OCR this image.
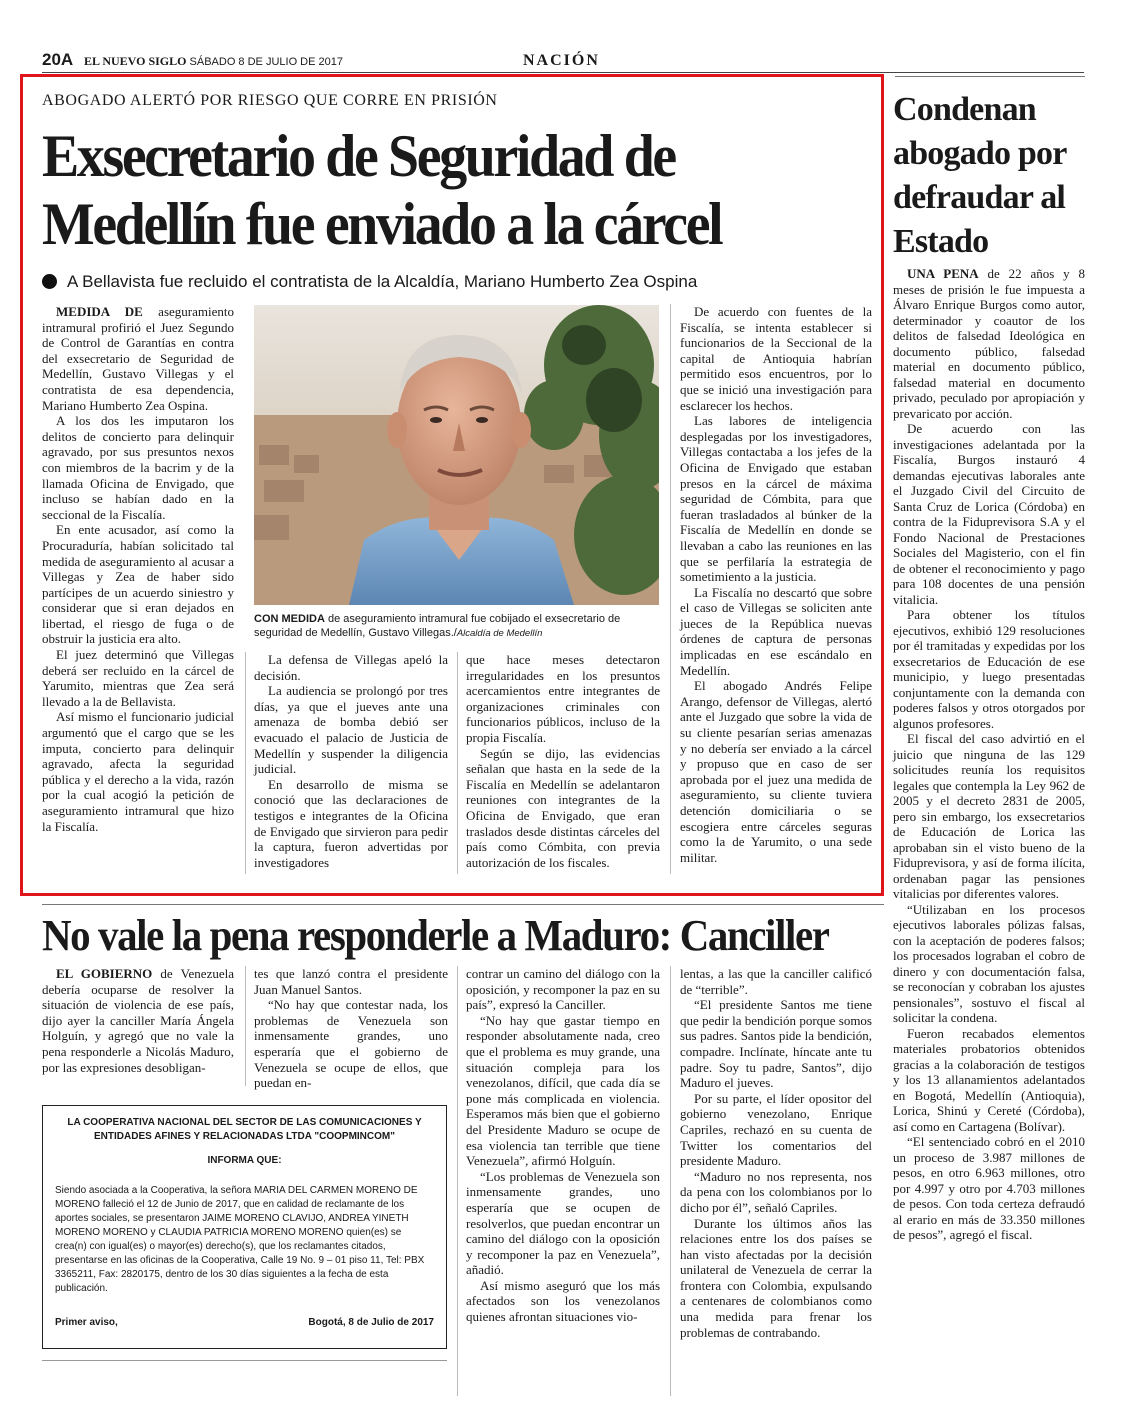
20A EL NUEVO SIGLO SÁBADO 8 DE JULIO DE 2017	NACIÓN
ABOGADO ALERTÓ POR RIESGO QUE CORRE EN PRISIÓN
Exsecretario de Seguridad de Medellín fue enviado a la cárcel
A Bellavista fue recluido el contratista de la Alcaldía, Mariano Humberto Zea Ospina

MEDIDA DE aseguramiento intramural profirió el Juez Segundo de Control de Garantías en contra del exsecretario de Seguridad de Medellín, Gustavo Villegas y el contratista de esa dependencia, Mariano Humberto Zea Ospina.

A los dos les imputaron los delitos de concierto para delinquir agravado, por sus presuntos nexos con miembros de la bacrim y de la llamada Oficina de Envigado, que incluso se habían dado en la seccional de la Fiscalía.

En ente acusador, así como la Procuraduría, habían solicitado tal medida de aseguramiento al acusar a Villegas y Zea de haber sido partícipes de un acuerdo siniestro y considerar que si eran dejados en libertad, el riesgo de fuga o de obstruir la justicia era alto.

El juez determinó que Villegas deberá ser recluido en la cárcel de Yarumito, mientras que Zea será llevado a la de Bellavista.

Así mismo el funcionario judicial argumentó que el cargo que se les imputa, concierto para delinquir agravado, afecta la seguridad pública y el derecho a la vida, razón por la cual acogió la petición de aseguramiento intramural que hizo la Fiscalía.

CON MEDIDA de aseguramiento intramural fue cobijado el exsecretario de seguridad de Medellín, Gustavo Villegas./Alcaldía de Medellín

La defensa de Villegas apeló la decisión.

La audiencia se prolongó por tres días, ya que el jueves ante una amenaza de bomba debió ser evacuado el palacio de Justicia de Medellín y suspender la diligencia judicial.

En desarrollo de misma se conoció que las declaraciones de testigos e integrantes de la Oficina de Envigado que sirvieron para pedir la captura, fueron advertidas por investigadores

que hace meses detectaron irregularidades en los presuntos acercamientos entre integrantes de organizaciones criminales con funcionarios públicos, incluso de la propia Fiscalía.

Según se dijo, las evidencias señalan que hasta en la sede de la Fiscalía en Medellín se adelantaron reuniones con integrantes de la Oficina de Envigado, que eran traslados desde distintas cárceles del país como Cómbita, con previa autorización de los fiscales.

De acuerdo con fuentes de la Fiscalía, se intenta establecer si funcionarios de la Seccional de la capital de Antioquia habrían permitido esos encuentros, por lo que se inició una investigación para esclarecer los hechos.

Las labores de inteligencia desplegadas por los investigadores, Villegas contactaba a los jefes de la Oficina de Envigado que estaban presos en la cárcel de máxima seguridad de Cómbita, para que fueran trasladados al búnker de la Fiscalía de Medellín en donde se llevaban a cabo las reuniones en las que se perfilaría la estrategia de sometimiento a la justicia.

La Fiscalía no descartó que sobre el caso de Villegas se soliciten ante jueces de la República nuevas órdenes de captura de personas implicadas en ese escándalo en Medellín.

El abogado Andrés Felipe Arango, defensor de Villegas, alertó ante el Juzgado que sobre la vida de su cliente pesarían serias amenazas y no debería ser enviado a la cárcel y propuso que en caso de ser aprobada por el juez una medida de aseguramiento, su cliente tuviera detención domiciliaria o se escogiera entre cárceles seguras como la de Yarumito, o una sede militar.

Condenan abogado por defraudar al Estado

UNA PENA de 22 años y 8 meses de prisión le fue impuesta a Álvaro Enrique Burgos como autor, determinador y coautor de los delitos de falsedad Ideológica en documento público, falsedad material en documento público, falsedad material en documento privado, peculado por apropiación y prevaricato por acción.

De acuerdo con las investigaciones adelantada por la Fiscalía, Burgos instauró 4 demandas ejecutivas laborales ante el Juzgado Civil del Circuito de Santa Cruz de Lorica (Córdoba) en contra de la Fiduprevisora S.A y el Fondo Nacional de Prestaciones Sociales del Magisterio, con el fin de obtener el reconocimiento y pago para 108 docentes de una pensión vitalicia.

Para obtener los títulos ejecutivos, exhibió 129 resoluciones por él tramitadas y expedidas por los exsecretarios de Educación de ese municipio, y luego presentadas conjuntamente con la demanda con poderes falsos y otros otorgados por algunos profesores.

El fiscal del caso advirtió en el juicio que ninguna de las 129 solicitudes reunía los requisitos legales que contempla la Ley 962 de 2005 y el decreto 2831 de 2005, pero sin embargo, los exsecretarios de Educación de Lorica las aprobaban sin el visto bueno de la Fiduprevisora, y así de forma ilícita, ordenaban pagar las pensiones vitalicias por diferentes valores.

“Utilizaban en los procesos ejecutivos laborales pólizas falsas, con la aceptación de poderes falsos; los procesados lograban el cobro de dinero y con documentación falsa, se reconocían y cobraban los ajustes pensionales”, sostuvo el fiscal al solicitar la condena.

Fueron recabados elementos materiales probatorios obtenidos gracias a la colaboración de testigos y los 13 allanamientos adelantados en Bogotá, Medellín (Antioquia), Lorica, Shinú y Cereté (Córdoba), así como en Cartagena (Bolívar).

“El sentenciado cobró en el 2010 un proceso de 3.987 millones de pesos, en otro 6.963 millones, otro por 4.997 y otro por 4.703 millones de pesos. Con toda certeza defraudó al erario en más de 33.350 millones de pesos”, agregó el fiscal.

No vale la pena responderle a Maduro: Canciller

EL GOBIERNO de Venezuela debería ocuparse de resolver la situación de violencia de ese país, dijo ayer la canciller María Ángela Holguín, y agregó que no vale la pena responderle a Nicolás Maduro, por las expresiones desobligan-

tes que lanzó contra el presidente Juan Manuel Santos.

“No hay que contestar nada, los problemas de Venezuela son inmensamente grandes, uno esperaría que el gobierno de Venezuela se ocupe de ellos, que puedan en-

contrar un camino del diálogo con la oposición, y recomponer la paz en su país”, expresó la Canciller.

“No hay que gastar tiempo en responder absolutamente nada, creo que el problema es muy grande, una situación compleja para los venezolanos, difícil, que cada día se pone más complicada en violencia. Esperamos más bien que el gobierno del Presidente Maduro se ocupe de esa violencia tan terrible que tiene Venezuela”, afirmó Holguín.

“Los problemas de Venezuela son inmensamente grandes, uno esperaría que se ocupen de resolverlos, que puedan encontrar un camino del diálogo con la oposición y recomponer la paz en Venezuela”, añadió.

Así mismo aseguró que los más afectados son los venezolanos quienes afrontan situaciones vio-

lentas, a las que la canciller calificó de “terrible”.

“El presidente Santos me tiene que pedir la bendición porque somos sus padres. Santos pide la bendición, compadre. Inclínate, híncate ante tu padre. Soy tu padre, Santos”, dijo Maduro el jueves.

Por su parte, el líder opositor del gobierno venezolano, Enrique Capriles, rechazó en su cuenta de Twitter los comentarios del presidente Maduro.

“Maduro no nos representa, nos da pena con los colombianos por lo dicho por él”, señaló Capriles.

Durante los últimos años las relaciones entre los dos países se han visto afectadas por la decisión unilateral de Venezuela de cerrar la frontera con Colombia, expulsando a centenares de colombianos como una medida para frenar los problemas de contrabando.

LA COOPERATIVA NACIONAL DEL SECTOR DE LAS COMUNICACIONES Y ENTIDADES AFINES Y RELACIONADAS LTDA "COOPMINCOM"
INFORMA QUE:
Siendo asociada a la Cooperativa, la señora MARIA DEL CARMEN MORENO DE MORENO falleció el 12 de Junio de 2017, que en calidad de reclamante de los aportes sociales, se presentaron JAIME MORENO CLAVIJO, ANDREA YINETH MORENO MORENO y CLAUDIA PATRICIA MORENO MORENO quien(es) se crea(n) con igual(es) o mayor(es) derecho(s), que los reclamantes citados, presentarse en las oficinas de la Cooperativa, Calle 19 No. 9 – 01 piso 11, Tel: PBX 3365211, Fax: 2820175, dentro de los 30 días siguientes a la fecha de esta publicación.
Primer aviso,	Bogotá, 8 de Julio de 2017
